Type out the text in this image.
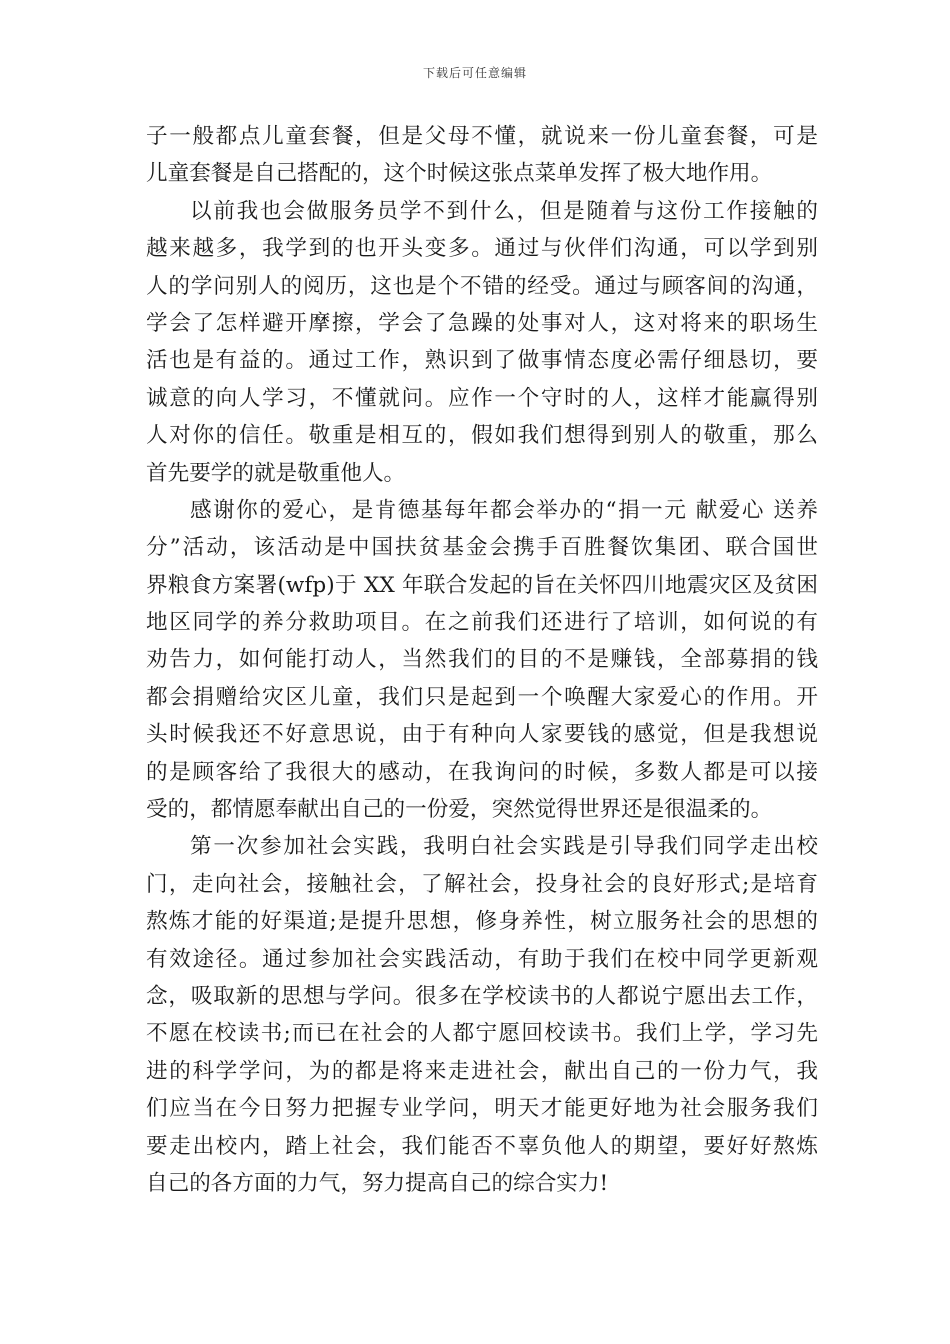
下载后可任意编辑
子一般都点儿童套餐，但是父母不懂，就说来一份儿童套餐，可是
儿童套餐是自己搭配的，这个时候这张点菜单发挥了极大地作用。
以前我也会做服务员学不到什么，但是随着与这份工作接触的
越来越多，我学到的也开头变多。通过与伙伴们沟通，可以学到别
人的学问别人的阅历，这也是个不错的经受。通过与顾客间的沟通，
学会了怎样避开摩擦，学会了急躁的处事对人，这对将来的职场生
活也是有益的。通过工作，熟识到了做事情态度必需仔细恳切，要
诚意的向人学习，不懂就问。应作一个守时的人，这样才能赢得别
人对你的信任。敬重是相互的，假如我们想得到别人的敬重，那么
首先要学的就是敬重他人。
感谢你的爱心，是肯德基每年都会举办的“捐一元 献爱心 送养
分”活动，该活动是中国扶贫基金会携手百胜餐饮集团、联合国世
界粮食方案署(wfp)于 XX 年联合发起的旨在关怀四川地震灾区及贫困
地区同学的养分救助项目。在之前我们还进行了培训，如何说的有
劝告力，如何能打动人，当然我们的目的不是赚钱，全部募捐的钱
都会捐赠给灾区儿童，我们只是起到一个唤醒大家爱心的作用。开
头时候我还不好意思说，由于有种向人家要钱的感觉，但是我想说
的是顾客给了我很大的感动，在我询问的时候，多数人都是可以接
受的，都情愿奉献出自己的一份爱，突然觉得世界还是很温柔的。
第一次参加社会实践，我明白社会实践是引导我们同学走出校
门，走向社会，接触社会，了解社会，投身社会的良好形式;是培育
熬炼才能的好渠道;是提升思想，修身养性，树立服务社会的思想的
有效途径。通过参加社会实践活动，有助于我们在校中同学更新观
念，吸取新的思想与学问。很多在学校读书的人都说宁愿出去工作，
不愿在校读书;而已在社会的人都宁愿回校读书。我们上学，学习先
进的科学学问，为的都是将来走进社会，献出自己的一份力气，我
们应当在今日努力把握专业学问，明天才能更好地为社会服务我们
要走出校内，踏上社会，我们能否不辜负他人的期望，要好好熬炼
自己的各方面的力气，努力提高自己的综合实力!
